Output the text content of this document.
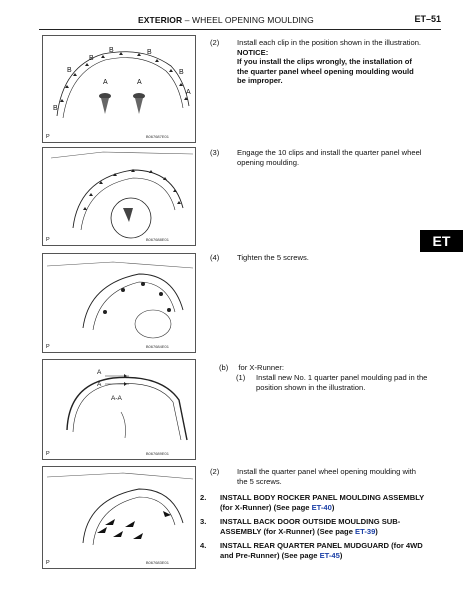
EXTERIOR – WHEEL OPENING MOULDING	ET–51
ET
A	A
B
B
B
B	B
B
A
P	B067687E01
P	B067688E01
P	B067684E01
A
A
A-A
P	B067689E01
P	B067683E01
(2) Install each clip in the position shown in the illustration.
NOTICE:
If you install the clips wrongly, the installation of the quarter panel wheel opening moulding would be improper.
(3) Engage the 10 clips and install the quarter panel wheel opening moulding.
(4) Tighten the 5 screws.
(b) for X-Runner:
(1) Install new No. 1 quarter panel moulding pad in the position shown in the illustration.
(2) Install the quarter panel wheel opening moulding with the 5 screws.
2. INSTALL BODY ROCKER PANEL MOULDING ASSEMBLY (for X-Runner) (See page ET-40)
3. INSTALL BACK DOOR OUTSIDE MOULDING SUB-ASSEMBLY (for X-Runner) (See page ET-39)
4. INSTALL REAR QUARTER PANEL MUDGUARD (for 4WD and Pre-Runner) (See page ET-45)
